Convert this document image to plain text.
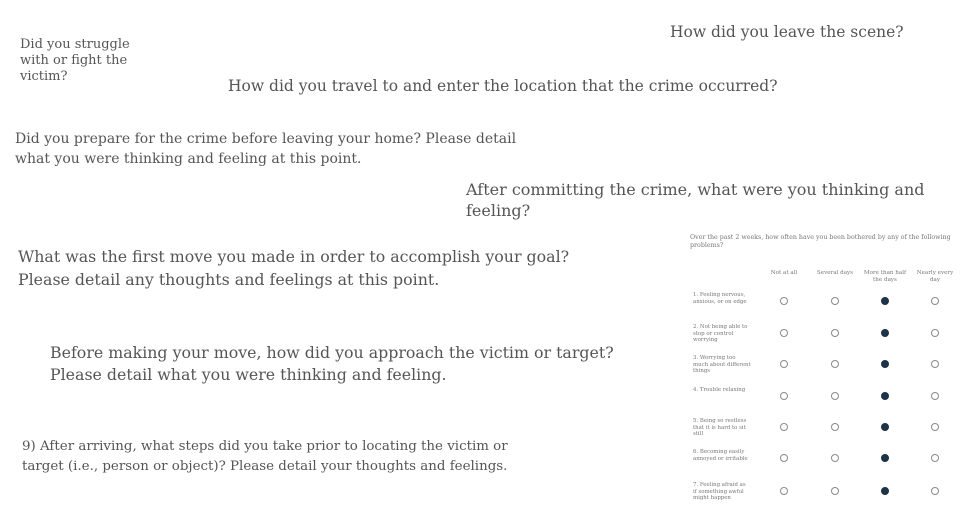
How did you leave the scene?

Did you struggle
with or fight the
victim?

How did you travel to and enter the location that the crime occurred?

Did you prepare for the crime before leaving your home? Please detail
what you were thinking and feeling at this point.

After committing the crime, what were you thinking and feeling?

What was the first move you made in order to accomplish your goal?
Please detail any thoughts and feelings at this point.

Before making your move, how did you approach the victim or target?
Please detail what you were thinking and feeling.

9) After arriving, what steps did you take prior to locating the victim or
target (i.e., person or object)? Please detail your thoughts and feelings.

Over the past 2 weeks, how often have you been bothered by any of the following problems?
Not at all	Several days	More than half the days
Nearly every day
1. Feeling nervous, anxious, or on edge
2. Not being able to stop or control worrying
3. Worrying too much about different things
4. Trouble relaxing
5. Being so restless that it is hard to sit still
6. Becoming easily annoyed or irritable
7. Feeling afraid as if something awful might happen
